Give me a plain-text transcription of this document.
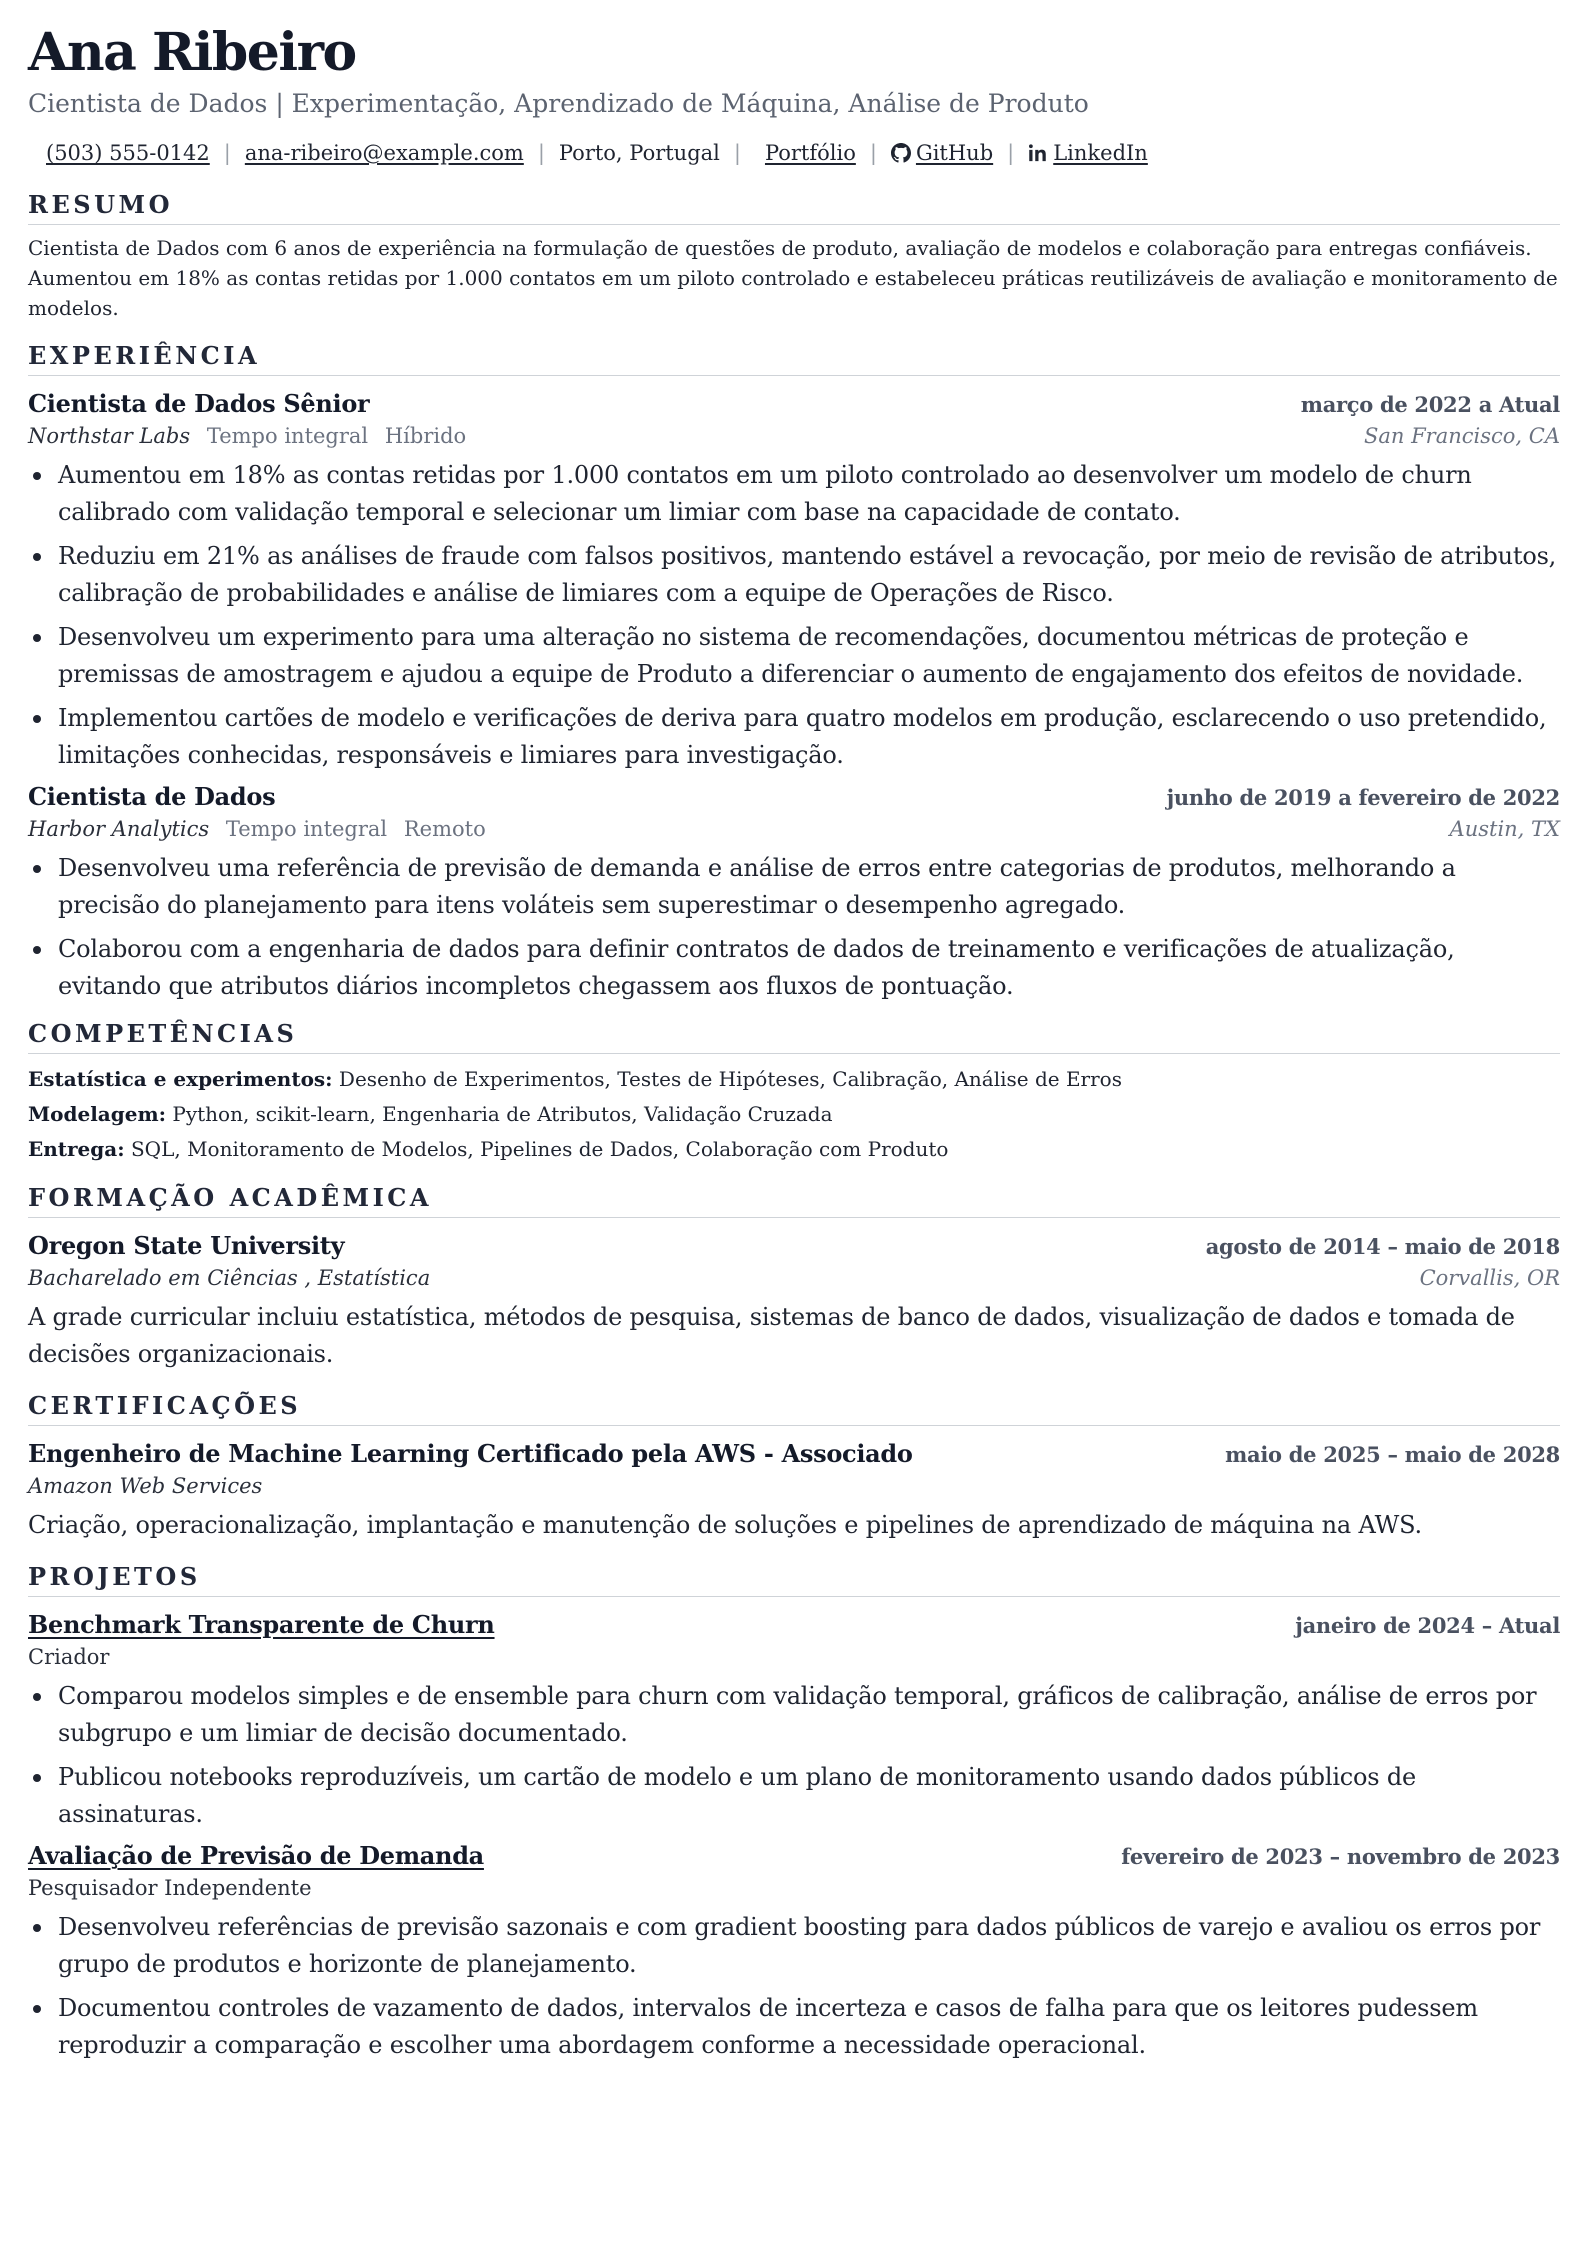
Ana Ribeiro
Cientista de Dados | Experimentação, Aprendizado de Máquina, Análise de Produto
(503) 555-0142 | ana-ribeiro@example.com | Porto, Portugal | Portfólio | GitHub | LinkedIn
RESUMO

Cientista de Dados com 6 anos de experiência na formulação de questões de produto, avaliação de modelos e colaboração para entregas confiáveis. Aumentou em 18% as contas retidas por 1.000 contatos em um piloto controlado e estabeleceu práticas reutilizáveis de avaliação e monitoramento de modelos.

EXPERIÊNCIA
Cientista de Dados Sênior	março de 2022 a Atual
Northstar Labs Tempo integral Híbrido	San Francisco, CA
Aumentou em 18% as contas retidas por 1.000 contatos em um piloto controlado ao desenvolver um modelo de churn calibrado com validação temporal e selecionar um limiar com base na capacidade de contato.
Reduziu em 21% as análises de fraude com falsos positivos, mantendo estável a revocação, por meio de revisão de atributos, calibração de probabilidades e análise de limiares com a equipe de Operações de Risco.
Desenvolveu um experimento para uma alteração no sistema de recomendações, documentou métricas de proteção e premissas de amostragem e ajudou a equipe de Produto a diferenciar o aumento de engajamento dos efeitos de novidade.
Implementou cartões de modelo e verificações de deriva para quatro modelos em produção, esclarecendo o uso pretendido, limitações conhecidas, responsáveis e limiares para investigação.
Cientista de Dados	junho de 2019 a fevereiro de 2022
Harbor Analytics Tempo integral Remoto	Austin, TX
Desenvolveu uma referência de previsão de demanda e análise de erros entre categorias de produtos, melhorando a precisão do planejamento para itens voláteis sem superestimar o desempenho agregado.
Colaborou com a engenharia de dados para definir contratos de dados de treinamento e verificações de atualização, evitando que atributos diários incompletos chegassem aos fluxos de pontuação.
COMPETÊNCIAS
Estatística e experimentos: Desenho de Experimentos, Testes de Hipóteses, Calibração, Análise de Erros
Modelagem: Python, scikit-learn, Engenharia de Atributos, Validação Cruzada
Entrega: SQL, Monitoramento de Modelos, Pipelines de Dados, Colaboração com Produto
FORMAÇÃO ACADÊMICA
Oregon State University	agosto de 2014 – maio de 2018
Bacharelado em Ciências , Estatística	Corvallis, OR

A grade curricular incluiu estatística, métodos de pesquisa, sistemas de banco de dados, visualização de dados e tomada de decisões organizacionais.

CERTIFICAÇÕES
Engenheiro de Machine Learning Certificado pela AWS - Associado	maio de 2025 – maio de 2028
Amazon Web Services

Criação, operacionalização, implantação e manutenção de soluções e pipelines de aprendizado de máquina na AWS.

PROJETOS
Benchmark Transparente de Churn	janeiro de 2024 – Atual
Criador
Comparou modelos simples e de ensemble para churn com validação temporal, gráficos de calibração, análise de erros por subgrupo e um limiar de decisão documentado.
Publicou notebooks reproduzíveis, um cartão de modelo e um plano de monitoramento usando dados públicos de assinaturas.
Avaliação de Previsão de Demanda	fevereiro de 2023 – novembro de 2023
Pesquisador Independente
Desenvolveu referências de previsão sazonais e com gradient boosting para dados públicos de varejo e avaliou os erros por grupo de produtos e horizonte de planejamento.
Documentou controles de vazamento de dados, intervalos de incerteza e casos de falha para que os leitores pudessem reproduzir a comparação e escolher uma abordagem conforme a necessidade operacional.
